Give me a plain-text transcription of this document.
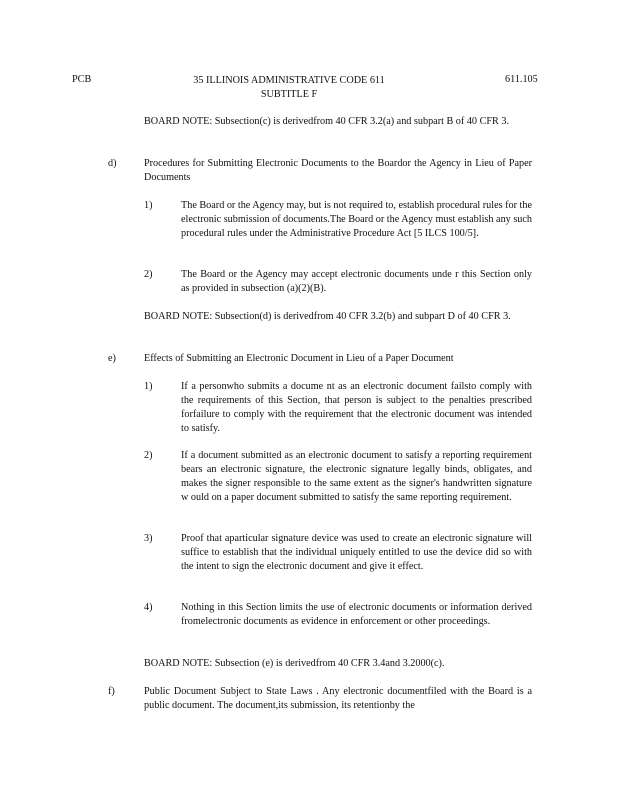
PCB	35 ILLINOIS ADMINISTRATIVE CODE 611
SUBTITLE F
611.105
BOARD NOTE: Subsection(c) is derivedfrom 40 CFR 3.2(a) and subpart B of 40 CFR 3.
d)	Procedures for Submitting Electronic Documents to the Boardor the Agency in Lieu of Paper Documents
1)	The Board or the Agency may, but is not required to, establish procedural rules for the electronic submission of documents.The Board or the Agency must establish any such procedural rules under the Administrative Procedure Act [5 ILCS 100/5].
2)	The Board or the Agency may accept electronic documents unde r this Section only as provided in subsection (a)(2)(B).
BOARD NOTE: Subsection(d) is derivedfrom 40 CFR 3.2(b) and subpart D of 40 CFR 3.
e)	Effects of Submitting an Electronic Document in Lieu of a Paper Document
1)	If a personwho submits a docume nt as an electronic document failsto comply with the requirements of this Section, that person is subject to the penalties prescribed forfailure to comply with the requirement that the electronic document was intended to satisfy.
2)	If a document submitted as an electronic document to satisfy a reporting requirement bears an electronic signature, the electronic signature legally binds, obligates, and makes the signer responsible to the same extent as the signer's handwritten signature w ould on a paper document submitted to satisfy the same reporting requirement.
3)	Proof that aparticular signature device was used to create an electronic signature will suffice to establish that the individual uniquely entitled to use the device did so with the intent to sign the electronic document and give it effect.
4)	Nothing in this Section limits the use of electronic documents or information derived fromelectronic documents as evidence in enforcement or other proceedings.
BOARD NOTE: Subsection (e) is derivedfrom 40 CFR 3.4and 3.2000(c).
f)	Public Document Subject to State Laws . Any electronic documentfiled with the Board is a public document. The document,its submission, its retentionby the
